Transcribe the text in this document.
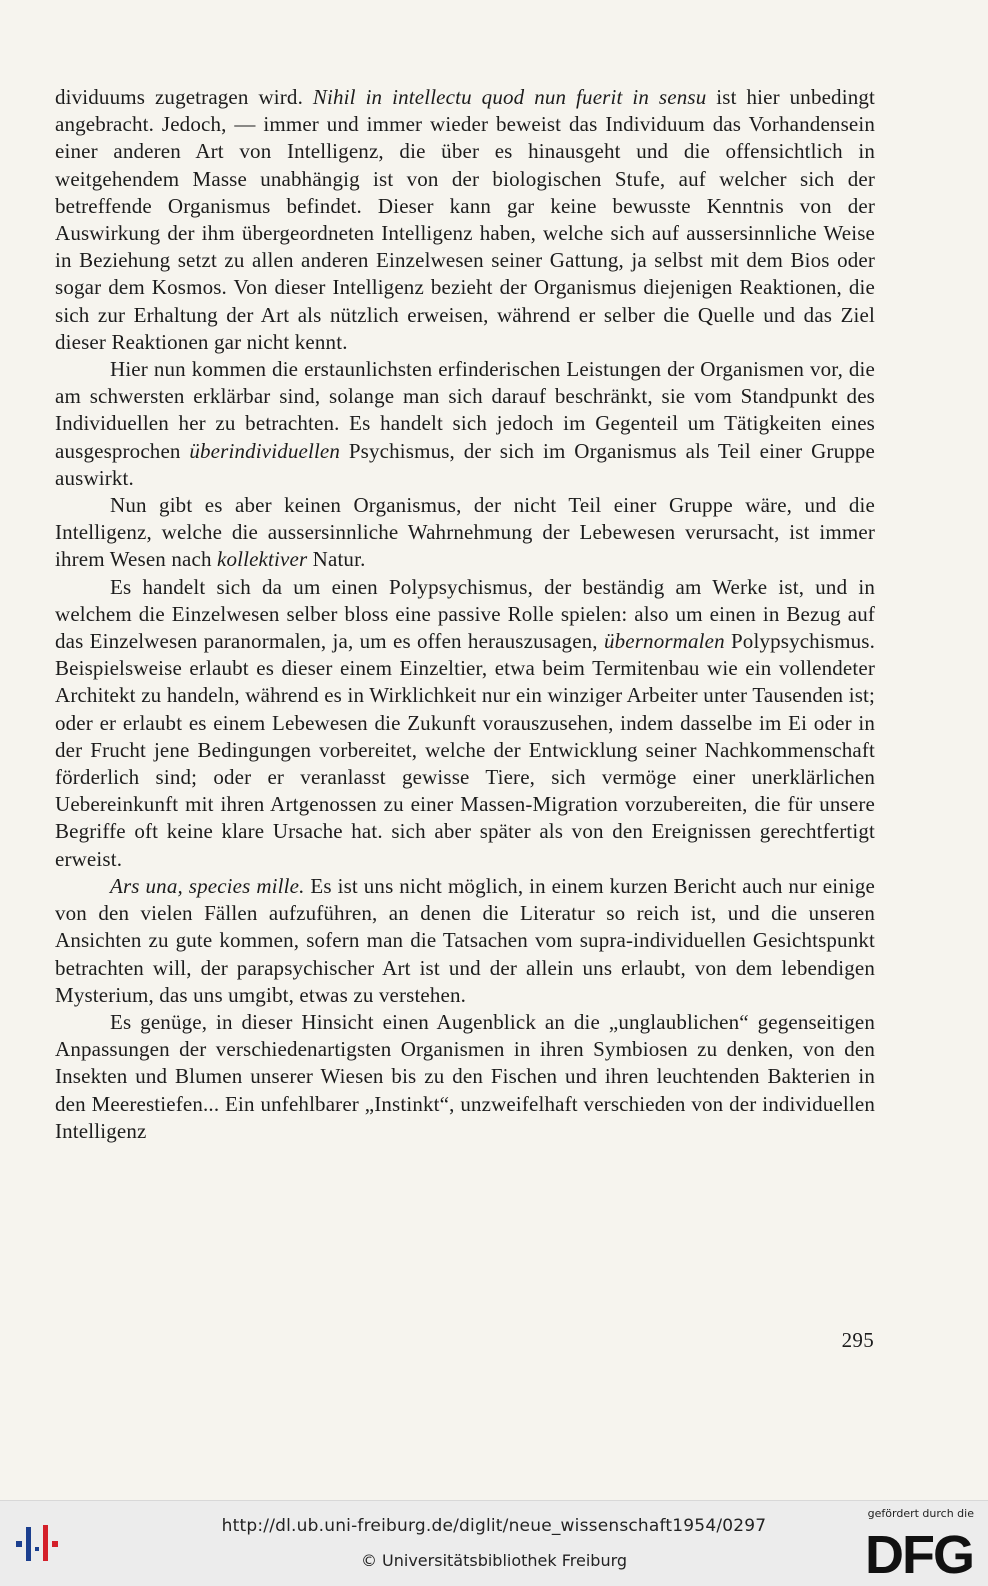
dividuums zugetragen wird. Nihil in intellectu quod nun fuerit in sensu ist hier unbedingt angebracht. Jedoch, — immer und immer wieder beweist das Individuum das Vorhandensein einer anderen Art von Intelligenz, die über es hinausgeht und die offensichtlich in weitgehendem Masse unabhängig ist von der biologischen Stufe, auf welcher sich der betreffende Organismus befindet. Dieser kann gar keine bewusste Kenntnis von der Auswirkung der ihm übergeordneten Intelligenz haben, welche sich auf aussersinnliche Weise in Beziehung setzt zu allen anderen Einzelwesen seiner Gattung, ja selbst mit dem Bios oder sogar dem Kosmos. Von dieser Intelligenz bezieht der Organismus diejenigen Reaktionen, die sich zur Erhaltung der Art als nützlich erweisen, während er selber die Quelle und das Ziel dieser Reaktionen gar nicht kennt.

Hier nun kommen die erstaunlichsten erfinderischen Leistungen der Organismen vor, die am schwersten erklärbar sind, solange man sich darauf beschränkt, sie vom Standpunkt des Individuellen her zu betrachten. Es handelt sich jedoch im Gegenteil um Tätigkeiten eines ausgesprochen überindividuellen Psychismus, der sich im Organismus als Teil einer Gruppe auswirkt.

Nun gibt es aber keinen Organismus, der nicht Teil einer Gruppe wäre, und die Intelligenz, welche die aussersinnliche Wahrnehmung der Lebewesen verursacht, ist immer ihrem Wesen nach kollektiver Natur.

Es handelt sich da um einen Polypsychismus, der beständig am Werke ist, und in welchem die Einzelwesen selber bloss eine passive Rolle spielen: also um einen in Bezug auf das Einzelwesen paranormalen, ja, um es offen herauszusagen, übernormalen Polypsychismus. Beispielsweise erlaubt es dieser einem Einzeltier, etwa beim Termitenbau wie ein vollendeter Architekt zu handeln, während es in Wirklichkeit nur ein winziger Arbeiter unter Tausenden ist; oder er erlaubt es einem Lebewesen die Zukunft vorauszusehen, indem dasselbe im Ei oder in der Frucht jene Bedingungen vorbereitet, welche der Entwicklung seiner Nachkommenschaft förderlich sind; oder er veranlasst gewisse Tiere, sich vermöge einer unerklärlichen Uebereinkunft mit ihren Artgenossen zu einer Massen-Migration vorzubereiten, die für unsere Begriffe oft keine klare Ursache hat. sich aber später als von den Ereignissen gerechtfertigt erweist.

Ars una, species mille. Es ist uns nicht möglich, in einem kurzen Bericht auch nur einige von den vielen Fällen aufzuführen, an denen die Literatur so reich ist, und die unseren Ansichten zu gute kommen, sofern man die Tatsachen vom supra-individuellen Gesichtspunkt betrachten will, der parapsychischer Art ist und der allein uns erlaubt, von dem lebendigen Mysterium, das uns umgibt, etwas zu verstehen.

Es genüge, in dieser Hinsicht einen Augenblick an die „unglaublichen“ gegenseitigen Anpassungen der verschiedenartigsten Organismen in ihren Symbiosen zu denken, von den Insekten und Blumen unserer Wiesen bis zu den Fischen und ihren leuchtenden Bakterien in den Meerestiefen... Ein unfehlbarer „Instinkt“, unzweifelhaft verschieden von der individuellen Intelligenz

295
http://dl.ub.uni-freiburg.de/diglit/neue_wissenschaft1954/0297
© Universitätsbibliothek Freiburg
gefördert durch die
DFG
